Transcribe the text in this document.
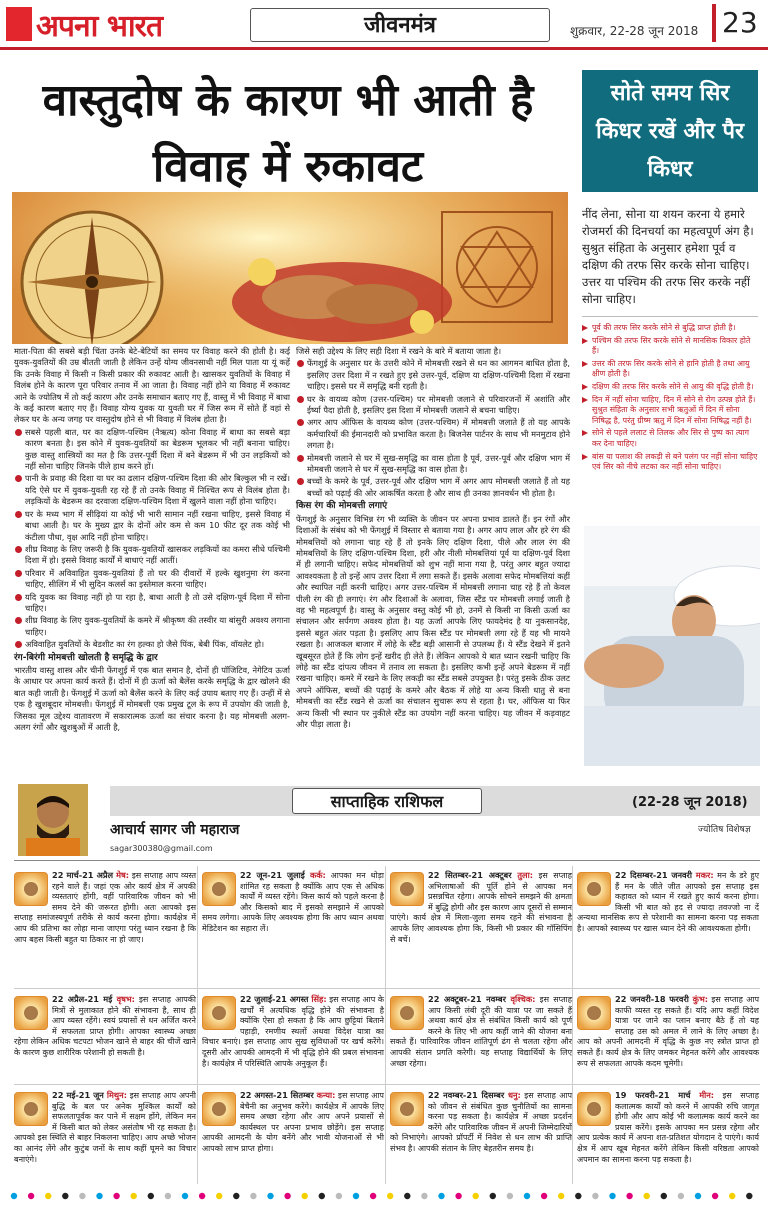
अपना भारत	जीवनमंत्र	शुक्रवार, 22-28 जून 2018 23
वास्तुदोष के कारण भी आती है विवाह में रुकावट

माता-पिता की सबसे बड़ी चिंता उनके बेटे-बेटियों का समय पर विवाह करने की होती है। कई युवक-युवतियों की उम्र बीतती जाती है लेकिन उन्हें योग्य जीवनसाथी नहीं मिल पाता या यूं कहें कि उनके विवाह में किसी न किसी प्रकार की रुकावट आती है। खासकर युवतियों के विवाह में विलंब होने के कारण पूरा परिवार तनाव में आ जाता है। विवाह नहीं होने या विवाह में रुकावट आने के ज्योतिष में तो कई कारण और उनके समाधान बताए गए हैं, वास्तु में भी विवाह में बाधा के कई कारण बताए गए हैं। विवाह योग्य युवक या युवती घर में जिस रूम में सोते हैं वहां से लेकर घर के अन्य जगह पर वास्तुदोष होने से भी विवाह में विलंब होता है।

सबसे पहली बात, घर का दक्षिण-पश्चिम (नैऋत्य) कोना विवाह में बाधा का सबसे बड़ा कारण बनता है। इस कोने में युवक-युवतियों का बेडरूम भूलकर भी नहीं बनाना चाहिए। कुछ वास्तु शास्त्रियों का मत है कि उत्तर-पूर्वी दिशा में बने बेडरूम में भी उन लड़कियों को नहीं सोना चाहिए जिनके पीले हाथ करने हों।
पानी के प्रवाह की दिशा या घर का ढलान दक्षिण-पश्चिम दिशा की ओर बिल्कुल भी न रखें। यदि ऐसे घर में युवक-युवती रह रहे हैं तो उनके विवाह में निश्चित रूप से विलंब होता है। लड़कियों के बेडरूम का दरवाजा दक्षिण-पश्चिम दिशा में खुलने वाला नहीं होना चाहिए।
घर के मध्य भाग में सीढ़ियां या कोई भी भारी सामान नहीं रखना चाहिए, इससे विवाह में बाधा आती है। घर के मुख्य द्वार के दोनों ओर कम से कम 10 फीट दूर तक कोई भी कंटीला पौधा, वृक्ष आदि नहीं होना चाहिए।
शीघ्र विवाह के लिए जरूरी है कि युवक-युवतियों खासकर लड़कियों का कमरा सीधे पश्चिमी दिशा में हो। इससे विवाह कार्यों में बाधाएं नहीं आतीं।
परिवार में अविवाहित युवक-युवतियां हैं तो घर की दीवारों में हल्के खुशनुमा रंग करना चाहिए, सीलिंग में भी सुदिन कलर्स का इस्तेमाल करना चाहिए।
यदि युवक का विवाह नहीं हो पा रहा है, बाधा आती है तो उसे दक्षिण-पूर्व दिशा में सोना चाहिए।
शीघ्र विवाह के लिए युवक-युवतियों के कमरे में श्रीकृष्ण की तस्वीर या बांसुरी अवश्य लगाना चाहिए।
अविवाहित युवतियों के बेडशीट का रंग हल्का हो जैसे पिंक, बेबी पिंक, वॉयलेट हो।

रंग-बिरंगी मोमबत्ती खोलती है समृद्धि के द्वार

भारतीय वास्तु शास्त्र और चीनी फेंगशुई में एक बात समान है, दोनों ही पॉजिटिव, नेगेटिव ऊर्जा के आधार पर अपना कार्य करते हैं। दोनों में ही ऊर्जा को बैलेंस करके समृद्धि के द्वार खोलने की बात कही जाती है। फेंगशुई में ऊर्जा को बैलेंस करने के लिए कई उपाय बताए गए हैं। उन्हीं में से एक है खुशबूदार मोमबत्ती। फेंगशुई में मोमबत्ती एक प्रमुख टूल के रूप में उपयोग की जाती है, जिसका मूल उद्देश्य वातावरण में सकारात्मक ऊर्जा का संचार करना है। यह मोमबत्ती अलग-अलग रंगों और खुशबुओं में आती है,

जिसे सही उद्देश्य के लिए सही दिशा में रखने के बारे में बताया जाता है।

फेंगशुई के अनुसार घर के उत्तरी कोने में मोमबत्ती रखने से धन का आगमन बाधित होता है, इसलिए उत्तर दिशा में न रखते हुए इसे उत्तर-पूर्व, दक्षिण या दक्षिण-पश्चिमी दिशा में रखना चाहिए। इससे घर में समृद्धि बनी रहती है।
घर के वायव्य कोण (उत्तर-पश्चिम) पर मोमबत्ती जलाने से परिवारजनों में अशांति और ईर्ष्या पैदा होती है, इसलिए इस दिशा में मोमबत्ती जलाने से बचना चाहिए।
अगर आप ऑफिस के वायव्य कोण (उत्तर-पश्चिम) में मोमबत्ती जलाते हैं तो यह आपके कर्मचारियों की ईमानदारी को प्रभावित करता है। बिजनेस पार्टनर के साथ भी मनमुटाव होने लगता है।
मोमबत्ती जलाने से घर में सुख-समृद्धि का वास होता है पूर्व, उत्तर-पूर्व और दक्षिण भाग में मोमबत्ती जलाने से घर में सुख-समृद्धि का वास होता है।
बच्चों के कमरे के पूर्व, उत्तर-पूर्व और दक्षिण भाग में अगर आप मोमबत्ती जलाते हैं तो यह बच्चों को पढ़ाई की ओर आकर्षित करता है और साथ ही उनका ज्ञानवर्धन भी होता है।

किस रंग की मोमबत्ती लगाएं

फेंगशुई के अनुसार विभिन्न रंग भी व्यक्ति के जीवन पर अपना प्रभाव डालते हैं। इन रंगों और दिशाओं के संबंध को भी फेंगशुई में विस्तार से बताया गया है। अगर आप लाल और हरे रंग की मोमबत्तियों को लगाना चाह रहे हैं तो इनके लिए दक्षिण दिशा, पीले और लाल रंग की मोमबत्तियों के लिए दक्षिण-पश्चिम दिशा, हरी और नीली मोमबत्तियां पूर्व या दक्षिण-पूर्व दिशा में ही लगानी चाहिए। सफेद मोमबत्तियों को शुभ नहीं माना गया है, परंतु अगर बहुत ज्यादा आवश्यकता है तो इन्हें आप उत्तर दिशा में लगा सकते हैं। इसके अलावा सफेद मोमबत्तियां कहीं और स्थापित नहीं करनी चाहिए। अगर उत्तर-पश्चिम में मोमबत्ती लगाना चाह रहे हैं तो केवल पीली रंग की ही लगाएं। रंग और दिशाओं के अलावा, जिस स्टैंड पर मोमबत्ती लगाई जाती है वह भी महत्वपूर्ण है। वास्तु के अनुसार वस्तु कोई भी हो, उनमें से किसी ना किसी ऊर्जा का संचालन और सर्पगण अवश्य होता है। यह ऊर्जा आपके लिए फायदेमंद है या नुकसानदेह, इससे बहुत अंतर पड़ता है। इसलिए आप किस स्टैंड पर मोमबत्ती लगा रहे हैं यह भी मायने रखता है। आजकल बाजार में लोहे के स्टैंड बड़ी आसानी से उपलब्ध हैं। ये स्टैंड देखने में इतने खूबसूरत होते हैं कि लोग इन्हें खरीद ही लेते हैं। लेकिन आपको ये बात ध्यान रखनी चाहिए कि लोहे का स्टैंड दांपत्य जीवन में तनाव ला सकता है। इसलिए कभी इन्हें अपने बेडरूम में नहीं रखना चाहिए। कमरे में रखने के लिए लकड़ी का स्टैंड सबसे उपयुक्त है। परंतु इसके ठीक उलट अपने ऑफिस, बच्चों की पढ़ाई के कमरे और बैठक में लोहे या अन्य किसी धातु से बना मोमबत्ती का स्टैंड रखने से ऊर्जा का संचालन सुचारू रूप से रहता है। घर, ऑफिस या फिर अन्य किसी भी स्थान पर नुकीले स्टैंड का उपयोग नहीं करना चाहिए। यह जीवन में कड़वाहट और पीड़ा लाता है।

सोते समय सिर किधर रखें और पैर किधर

नींद लेना, सोना या शयन करना ये हमारे रोजमर्रा की दिनचर्या का महत्वपूर्ण अंग है। सुश्रुत संहिता के अनुसार हमेशा पूर्व व दक्षिण की तरफ सिर करके सोना चाहिए। उत्तर या पश्चिम की तरफ सिर करके नहीं सोना चाहिए।

पूर्व की तरफ सिर करके सोने से बुद्धि प्राप्त होती है।
पश्चिम की तरफ सिर करके सोने से मानसिक विकार होते हैं।
उत्तर की तरफ सिर करके सोने से हानि होती है तथा आयु क्षीण होती है।
दक्षिण की तरफ सिर करके सोने से आयु की वृद्धि होती है।
दिन में नहीं सोना चाहिए, दिन में सोने से रोग उत्पन्न होते हैं। सुश्रुत संहिता के अनुसार सभी ऋतुओं में दिन में सोना निषिद्ध है, परंतु ग्रीष्म ऋतु में दिन में सोना निषिद्ध नहीं है।
सोने से पहले ललाट से तिलक और सिर से पुष्प का त्याग कर देना चाहिए।
बांस या पलाश की लकड़ी से बने पलंग पर नहीं सोना चाहिए एवं सिर को नीचे लटका कर नहीं सोना चाहिए।
साप्ताहिक राशिफल	(22-28 जून 2018)
आचार्य सागर जी महाराज	ज्योतिष विशेषज्ञ
sagar300380@gmail.com
22 मार्च-21 अप्रैल मेष: इस सप्ताह आप व्यस्त रहने वाले हैं। जहां एक ओर कार्य क्षेत्र में अपकी व्यस्तताएं होंगी, वहीं पारिवारिक जीवन को भी समय देने की जरूरत होगी। अतः आपको इस सप्ताह समांजस्यपूर्ण तरीके से कार्य करना होगा। कार्यक्षेत्र में आप की प्रतिभा का लोहा माना जाएगा परंतु ध्यान रखना है कि आप बहस किसी बहुत या ठिकार ना हो जाए।
22 अप्रैल-21 मई वृषभ: इस सप्ताह आपकी मित्रों से मुलाकात होने की संभावना है, साथ ही आप व्यस्त रहेंगे। स्वयं प्रयासों से धन अर्जित करने में सफलता प्राप्त होगी। आपका स्वास्थ्य अच्छा रहेगा लेकिन अधिक चटपटा भोजन खाने से बाहर की चीजें खाने के कारण कुछ शारीरिक परेशानी हो सकती है।
22 मई-21 जून मिथुन: इस सप्ताह आप अपनी बुद्धि के बल पर अनेक मुश्किल कार्यों को सफलतापूर्वक कर पाने में सक्षम होंगे, लेकिन मन में किसी बात को लेकर असंतोष भी रह सकता है। आपको इस स्थिति से बाहर निकलना चाहिए। आप अच्छे भोजन का आनंद लेंगे और कुटुंब जनों के साथ कहीं घूमने का विचार बनाएंगे।
22 जून-21 जुलाई कर्क: आपका मन थोड़ा शांमित रह सकता है क्योंकि आप एक से अधिक कार्यों में व्यस्त रहेंगे। किस कार्य को पहले करना है और किसको बाद में इसको समझाने में आपको समय लगेगा। आपके लिए अवश्यक होगा कि आप ध्यान अथवा मेडिटेशन का सहारा लें।
22 जुलाई-21 अगस्त सिंह: इस सप्ताह आप के खर्चों में अत्यधिक वृद्धि होने की संभावना है क्योंकि ऐसा हो सकता है कि आप छुट्टियां बिताने पहाड़ी, रमणीय स्थलों अथवा विदेश यात्रा का विचार बनाएं। इस सप्ताह आप सुख सुविधाओं पर खर्च करेंगे। दूसरी ओर आपकी आमदनी में भी वृद्धि होने की प्रबल संभावना है। कार्यक्षेत्र में परिस्थिति आपके अनुकूल हैं।
22 अगस्त-21 सितम्बर कन्या: इस सप्ताह आप बेचैनी का अनुभव करेंगे। कार्यक्षेत्र में आपके लिए समय अच्छा रहेगा और आप अपने प्रयासों से कार्यस्थल पर अपना प्रभाव छोड़ेंगे। इस सप्ताह आपकी आमदनी के योग बनेंगे और भावी योजनाओं से भी आपको लाभ प्राप्त होगा।
22 सितम्बर-21 अक्टूबर तुला: इस सप्ताह अभिलाषाओं की पूर्ति होने से आपका मन प्रसन्नचित रहेगा। आपके सोचने समझने की क्षमता में बुद्धि होगी और इस कारण आप दूसरों से सम्मान पाएंगे। कार्य क्षेत्र में मिला-जुला समय रहने की संभावना है आपके लिए आवश्यक होगा कि, किसी भी प्रकार की गॉसिपिंग से बचें।
22 अक्टूबर-21 नवम्बर वृश्चिक: इस सप्ताह आप किसी लंबी दूरी की यात्रा पर जा सकते हैं अथवा कार्य क्षेत्र से संबंधित किसी कार्य को पूर्ण करने के लिए भी आप कहीं जाने की योजना बना सकते हैं। पारिवारिक जीवन शांतिपूर्ण ढंग से चलता रहेगा और आपकी संतान प्रगति करेगी। यह सप्ताह विद्यार्थियों के लिए अच्छा रहेगा।
22 नवम्बर-21 दिसम्बर धनु: इस सप्ताह आप को जीवन से संबंधित कुछ चुनौतियों का सामना करना पड़ सकता है। कार्यक्षेत्र में अच्छा प्रदर्शन करेंगे और पारिवारिक जीवन में अपनी जिम्मेदारियों को निभाएंगे। आपको प्रॉपर्टी में निवेश से धन लाभ की प्राप्ति संभव है। आपकी संतान के लिए बेहतरीन समय है।
22 दिसम्बर-21 जनवरी मकर: मन के डरे हुए हैं मन के जीते जीत आपको इस सप्ताह इस कहावत को ध्यान में रखते हुए कार्य करना होगा। किसी भी बात को हद से ज्यादा तवज्जो ना दें अन्यथा मानसिक रूप से परेशानी का सामना करना पड़ सकता है। आपको स्वास्थ्य पर खास ध्यान देने की आवश्यकता होगी।
22 जनवरी-18 फरवरी कुंभ: इस सप्ताह आप काफी व्यस्त रह सकते हैं। यदि आप कहीं विदेश यात्रा पर जाने का प्लान बनाए बैठे हैं तो यह सप्ताह उस को अमल में लाने के लिए अच्छा है। आप को अपनी आमदनी में वृद्धि के कुछ नए स्त्रोत प्राप्त हो सकते हैं। कार्य क्षेत्र के लिए जमकर मेहनत करेंगे और आवश्यक रूप से सफलता आपके कदम चूमेगी।
19 फरवरी-21 मार्च मीन: इस सप्ताह कलात्मक कार्यों को करने में आपकी रुचि जागृत होगी और आप कोई भी कलात्मक कार्य करने का प्रयास करेंगे। इसके आपका मन प्रसन्न रहेगा और आप प्रत्येक कार्य में अपना शत-प्रतिशत योगदान दे पाएंगे। कार्य क्षेत्र में आप खूब मेहनत करेंगे लेकिन किसी वरिष्ठता आपको अपमान का सामना करना पड़ सकता है।
